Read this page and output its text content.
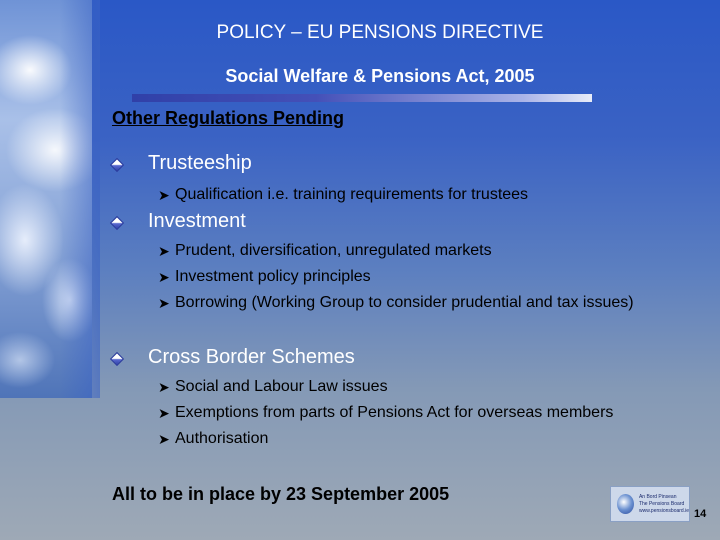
POLICY – EU PENSIONS DIRECTIVE
Social Welfare & Pensions Act, 2005
Other Regulations Pending
Trusteeship
➤ Qualification i.e. training requirements for trustees
Investment
➤ Prudent, diversification, unregulated markets
➤ Investment policy principles
➤ Borrowing (Working Group to consider prudential and tax issues)
Cross Border Schemes
➤ Social and Labour Law issues
➤ Exemptions from parts of Pensions Act for overseas members
➤ Authorisation
All to be in place by 23 September 2005	An Bord Pinsean
The Pensions Board
www.pensionsboard.ie 14
